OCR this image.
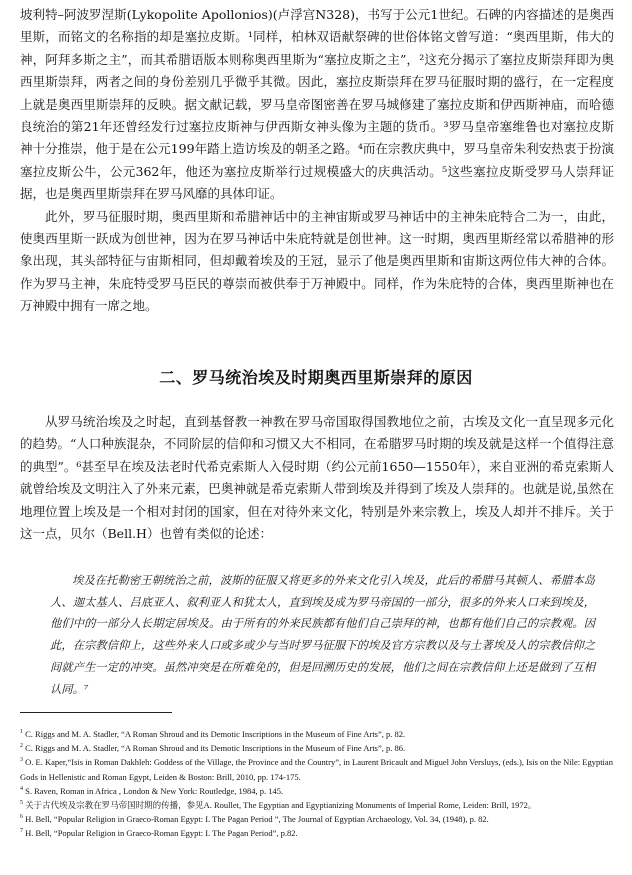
坡利特–阿波罗涅斯(Lykopolite Apollonios)(卢浮宫N328)，书写于公元1世纪。石碑的内容描述的是奥西里斯，而铭文的名称指的却是塞拉皮斯。¹同样，柏林双语献祭碑的世俗体铭文曾写道：“奥西里斯，伟大的神，阿拜多斯之主”，而其希腊语版本则称奥西里斯为“塞拉皮斯之主”，²这充分揭示了塞拉皮斯崇拜即为奥西里斯崇拜，两者之间的身份差别几乎微乎其微。因此，塞拉皮斯崇拜在罗马征服时期的盛行，在一定程度上就是奥西里斯崇拜的反映。据文献记载，罗马皇帝图密善在罗马城修建了塞拉皮斯和伊西斯神庙，而哈德良统治的第21年还曾经发行过塞拉皮斯神与伊西斯女神头像为主题的货币。³罗马皇帝塞维鲁也对塞拉皮斯神十分推崇，他于是在公元199年踏上造访埃及的朝圣之路。⁴而在宗教庆典中，罗马皇帝朱利安热衷于扮演塞拉皮斯公牛，公元362年，他还为塞拉皮斯举行过规模盛大的庆典活动。⁵这些塞拉皮斯受罗马人崇拜证据，也是奥西里斯崇拜在罗马风靡的具体印证。

此外，罗马征服时期，奥西里斯和希腊神话中的主神宙斯或罗马神话中的主神朱庇特合二为一，由此，使奥西里斯一跃成为创世神，因为在罗马神话中朱庇特就是创世神。这一时期，奥西里斯经常以希腊神的形象出现，其头部特征与宙斯相同，但却戴着埃及的王冠，显示了他是奥西里斯和宙斯这两位伟大神的合体。作为罗马主神，朱庇特受罗马臣民的尊崇而被供奉于万神殿中。同样，作为朱庇特的合体，奥西里斯神也在万神殿中拥有一席之地。

二、罗马统治埃及时期奥西里斯崇拜的原因

从罗马统治埃及之时起，直到基督教一神教在罗马帝国取得国教地位之前，古埃及文化一直呈现多元化的趋势。“人口种族混杂，不同阶层的信仰和习惯又大不相同，在希腊罗马时期的埃及就是这样一个值得注意的典型”。⁶甚至早在埃及法老时代希克索斯人入侵时期（约公元前1650—1550年），来自亚洲的希克索斯人就曾给埃及文明注入了外来元素，巴奥神就是希克索斯人带到埃及并得到了埃及人崇拜的。也就是说,虽然在地理位置上埃及是一个相对封闭的国家，但在对待外来文化，特别是外来宗教上，埃及人却并不排斥。关于这一点，贝尔（Bell.H）也曾有类似的论述：

埃及在托勒密王朝统治之前，波斯的征服又将更多的外来文化引入埃及，此后的希腊马其顿人、希腊本岛人、迦太基人、吕底亚人、叙利亚人和犹太人，直到埃及成为罗马帝国的一部分，很多的外来人口来到埃及，他们中的一部分人长期定居埃及。由于所有的外来民族都有他们自己崇拜的神，也都有他们自己的宗教观。因此，在宗教信仰上，这些外来人口或多或少与当时罗马征服下的埃及官方宗教以及与土著埃及人的宗教信仰之间就产生一定的冲突。虽然冲突是在所难免的，但是回溯历史的发展，他们之间在宗教信仰上还是做到了互相认同。⁷

$^1$ C. Riggs and M. A. Stadler, “A Roman Shroud and its Demotic Inscriptions in the Museum of Fine Arts”, p. 82.

$^2$ C. Riggs and M. A. Stadler, “A Roman Shroud and its Demotic Inscriptions in the Museum of Fine Arts”, p. 86.

$^3$ O. E. Kaper,“Isis in Roman Dakhleh: Goddess of the Village, the Province and the Country”, in Laurent Bricault and Miguel John Versluys, (eds.), Isis on the Nile: Egyptian Gods in Hellenistic and Roman Egypt, Leiden & Boston: Brill, 2010, pp. 174-175.

$^4$ S. Raven, Roman in Africa , London & New York: Routledge, 1984, p. 145.

$^5$ 关于古代埃及宗教在罗马帝国时期的传播，参见A. Roullet, The Egyptian and Egyptianizing Monuments of Imperial Rome, Leiden: Brill, 1972。

$^6$ H. Bell, “Popular Religion in Graeco-Roman Egypt: I. The Pagan Period ”, The Journal of Egyptian Archaeology, Vol. 34, (1948), p. 82.

$^7$ H. Bell, “Popular Religion in Graeco-Roman Egypt: I. The Pagan Period”, p.82.
